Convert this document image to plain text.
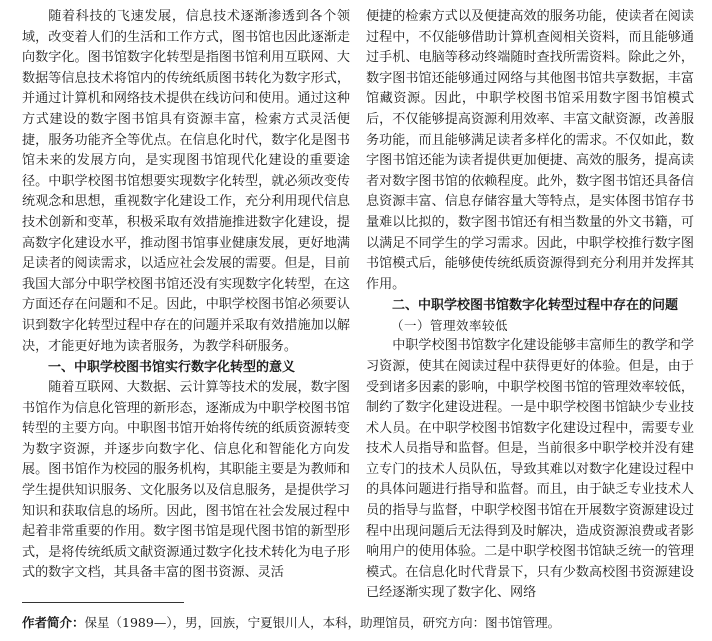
随着科技的飞速发展，信息技术逐渐渗透到各个领域，改变着人们的生活和工作方式，图书馆也因此逐渐走向数字化。图书馆数字化转型是指图书馆利用互联网、大数据等信息技术将馆内的传统纸质图书转化为数字形式，并通过计算机和网络技术提供在线访问和使用。通过这种方式建设的数字图书馆具有资源丰富，检索方式灵活便捷，服务功能齐全等优点。在信息化时代，数字化是图书馆未来的发展方向，是实现图书馆现代化建设的重要途径。中职学校图书馆想要实现数字化转型，就必须改变传统观念和思想，重视数字化建设工作，充分利用现代信息技术创新和变革，积极采取有效措施推进数字化建设，提高数字化建设水平，推动图书馆事业健康发展，更好地满足读者的阅读需求，以适应社会发展的需要。但是，目前我国大部分中职学校图书馆还没有实现数字化转型，在这方面还存在问题和不足。因此，中职学校图书馆必须要认识到数字化转型过程中存在的问题并采取有效措施加以解决，才能更好地为读者服务，为教学科研服务。

一、中职学校图书馆实行数字化转型的意义

随着互联网、大数据、云计算等技术的发展，数字图书馆作为信息化管理的新形态，逐渐成为中职学校图书馆转型的主要方向。中职图书馆开始将传统的纸质资源转变为数字资源，并逐步向数字化、信息化和智能化方向发展。图书馆作为校园的服务机构，其职能主要是为教师和学生提供知识服务、文化服务以及信息服务，是提供学习知识和获取信息的场所。因此，图书馆在社会发展过程中起着非常重要的作用。数字图书馆是现代图书馆的新型形式，是将传统纸质文献资源通过数字化技术转化为电子形式的数字文档，其具备丰富的图书资源、灵活

便捷的检索方式以及便捷高效的服务功能，使读者在阅读过程中，不仅能够借助计算机查阅相关资料，而且能够通过手机、电脑等移动终端随时查找所需资料。除此之外，数字图书馆还能够通过网络与其他图书馆共享数据，丰富馆藏资源。因此，中职学校图书馆采用数字图书馆模式后，不仅能够提高资源利用效率、丰富文献资源，改善服务功能，而且能够满足读者多样化的需求。不仅如此，数字图书馆还能为读者提供更加便捷、高效的服务，提高读者对数字图书馆的依赖程度。此外，数字图书馆还具备信息资源丰富、信息存储容量大等特点，是实体图书馆存书量难以比拟的，数字图书馆还有相当数量的外文书籍，可以满足不同学生的学习需求。因此，中职学校推行数字图书馆模式后，能够使传统纸质资源得到充分利用并发挥其作用。

二、中职学校图书馆数字化转型过程中存在的问题

（一）管理效率较低

中职学校图书馆数字化建设能够丰富师生的教学和学习资源，使其在阅读过程中获得更好的体验。但是，由于受到诸多因素的影响，中职学校图书馆的管理效率较低，制约了数字化建设进程。一是中职学校图书馆缺少专业技术人员。在中职学校图书馆数字化建设过程中，需要专业技术人员指导和监督。但是，当前很多中职学校并没有建立专门的技术人员队伍，导致其难以对数字化建设过程中的具体问题进行指导和监督。而且，由于缺乏专业技术人员的指导与监督，中职学校图书馆在开展数字资源建设过程中出现问题后无法得到及时解决，造成资源浪费或者影响用户的使用体验。二是中职学校图书馆缺乏统一的管理模式。在信息化时代背景下，只有少数高校图书资源建设已经逐渐实现了数字化、网络

作者简介：保星（1989—），男，回族，宁夏银川人，本科，助理馆员，研究方向：图书馆管理。
